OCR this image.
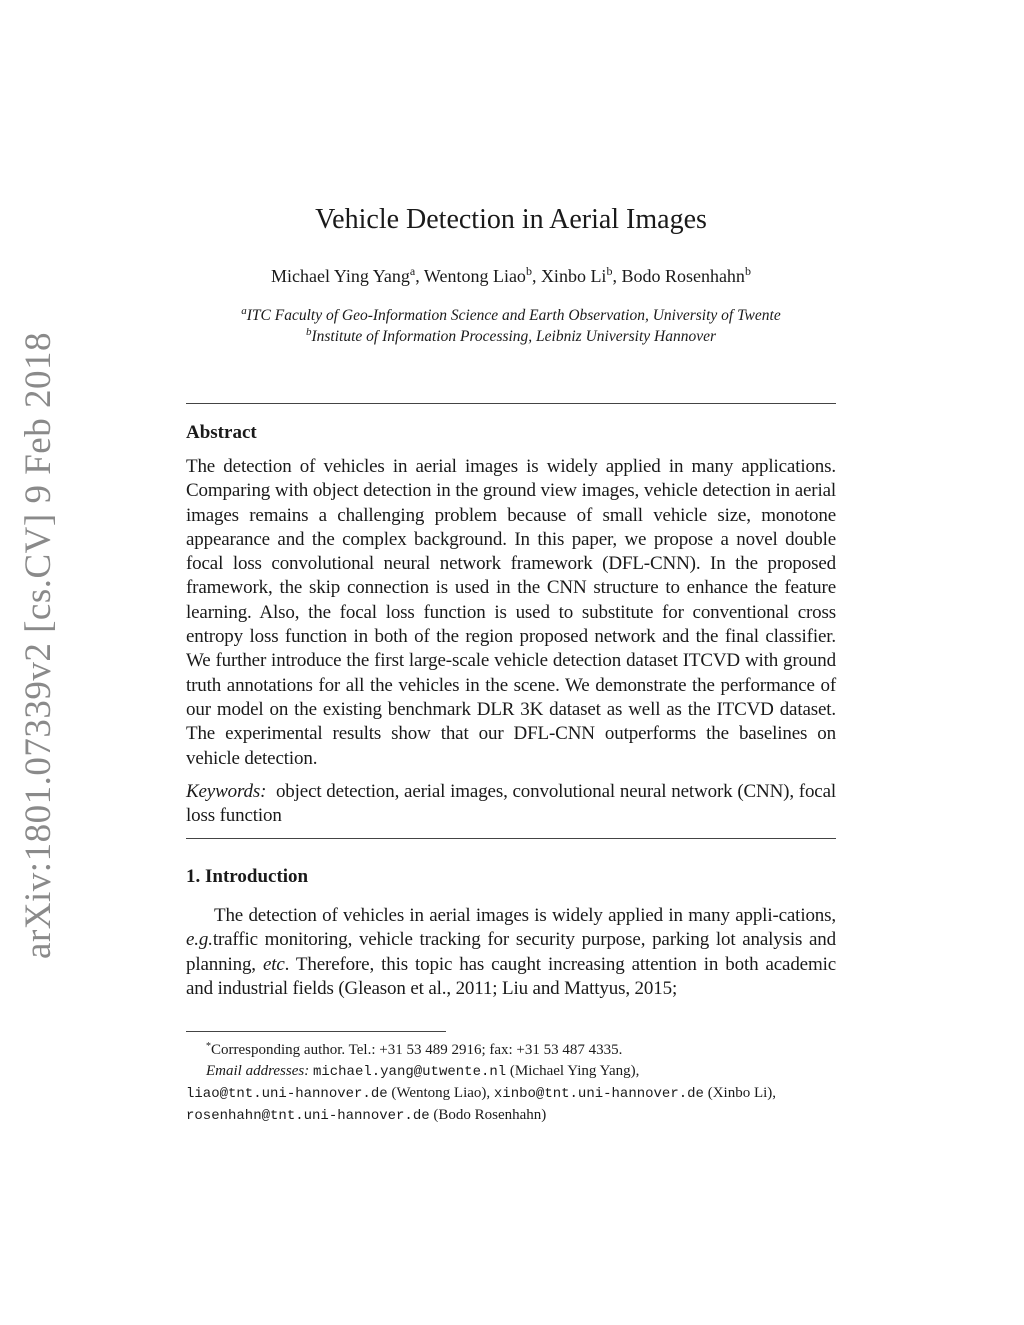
arXiv:1801.07339v2 [cs.CV] 9 Feb 2018
Vehicle Detection in Aerial Images
Michael Ying Yang$^a$, Wentong Liao$^b$, Xinbo Li$^b$, Bodo Rosenhahn$^b$
$^a$ITC Faculty of Geo-Information Science and Earth Observation, University of Twente
$^b$Institute of Information Processing, Leibniz University Hannover
Abstract
The detection of vehicles in aerial images is widely applied in many applications. Comparing with object detection in the ground view images, vehicle detection in aerial images remains a challenging problem because of small vehicle size, monotone appearance and the complex background. In this paper, we propose a novel double focal loss convolutional neural network framework (DFL-CNN). In the proposed framework, the skip connection is used in the CNN structure to enhance the feature learning. Also, the focal loss function is used to substitute for conventional cross entropy loss function in both of the region proposed network and the final classifier. We further introduce the first large-scale vehicle detection dataset ITCVD with ground truth annotations for all the vehicles in the scene. We demonstrate the performance of our model on the existing benchmark DLR 3K dataset as well as the ITCVD dataset. The experimental results show that our DFL-CNN outperforms the baselines on vehicle detection.
Keywords: object detection, aerial images, convolutional neural network (CNN), focal loss function
1. Introduction
The detection of vehicles in aerial images is widely applied in many appli-cations, e.g.traffic monitoring, vehicle tracking for security purpose, parking lot analysis and planning, etc. Therefore, this topic has caught increasing attention in both academic and industrial fields (Gleason et al., 2011; Liu and Mattyus, 2015;
*Corresponding author. Tel.: +31 53 489 2916; fax: +31 53 487 4335.
Email addresses: michael.yang@utwente.nl (Michael Ying Yang),
liao@tnt.uni-hannover.de (Wentong Liao), xinbo@tnt.uni-hannover.de (Xinbo Li),
rosenhahn@tnt.uni-hannover.de (Bodo Rosenhahn)
